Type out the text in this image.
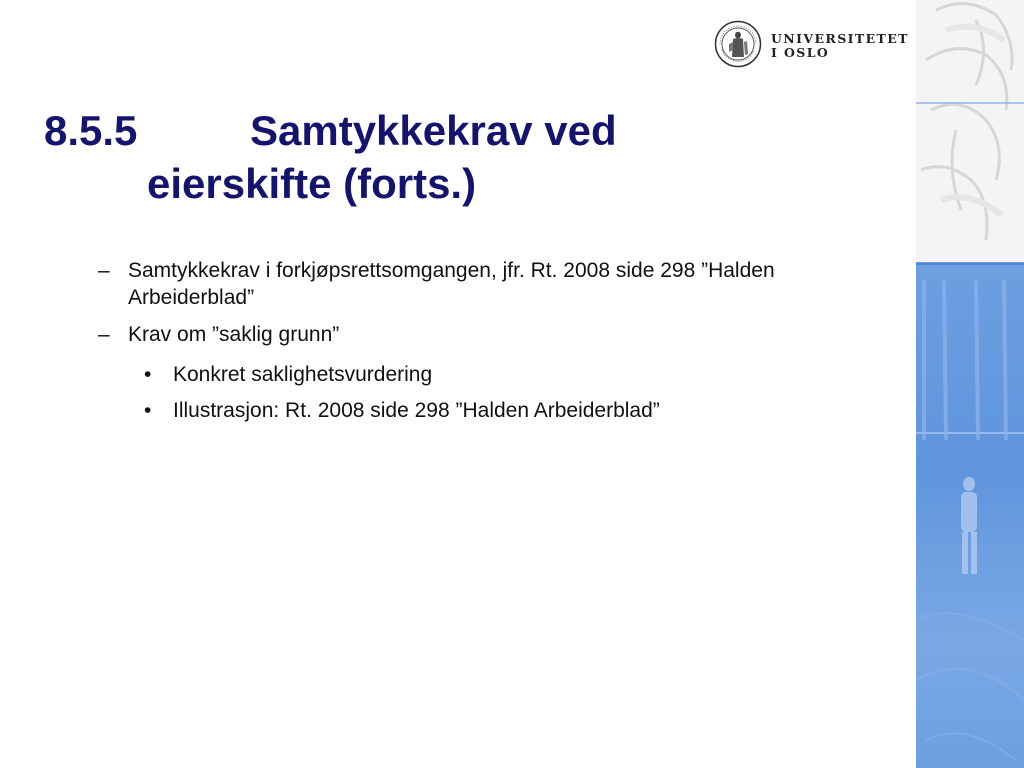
UNIVERSITETET
I OSLO
8.5.5	Samtykkekrav ved
eierskifte (forts.)
– Samtykkekrav i forkjøpsrettsomgangen, jfr. Rt. 2008 side 298 ”Halden Arbeiderblad”
– Krav om ”saklig grunn”
• Konkret saklighetsvurdering
• Illustrasjon: Rt. 2008 side 298 ”Halden Arbeiderblad”
